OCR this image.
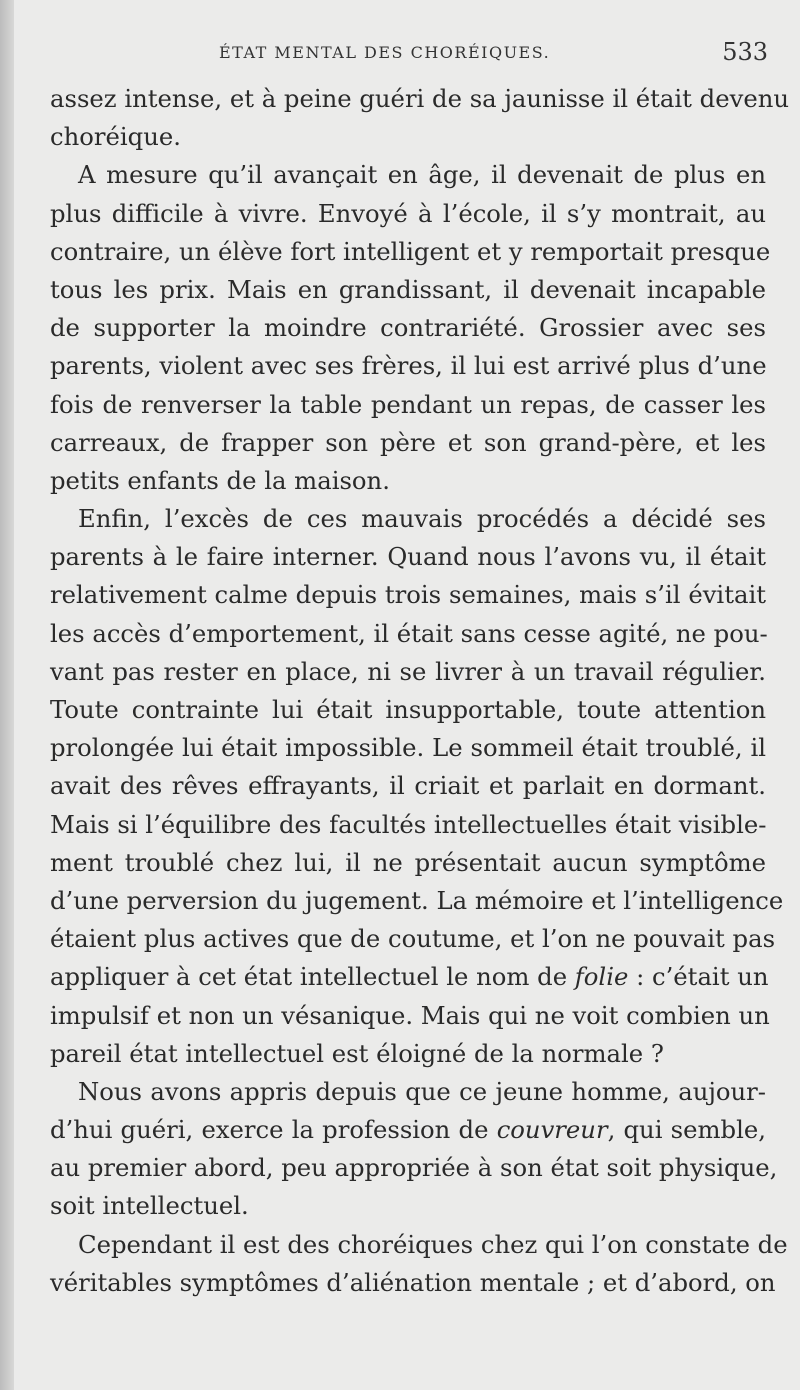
ÉTAT MENTAL DES CHORÉIQUES.	533
assez intense, et à peine guéri de sa jaunisse il était devenu
choréique.
A mesure qu’il avançait en âge, il devenait de plus en
plus difficile à vivre. Envoyé à l’école, il s’y montrait, au
contraire, un élève fort intelligent et y remportait presque
tous les prix. Mais en grandissant, il devenait incapable
de supporter la moindre contrariété. Grossier avec ses
parents, violent avec ses frères, il lui est arrivé plus d’une
fois de renverser la table pendant un repas, de casser les
carreaux, de frapper son père et son grand-père, et les
petits enfants de la maison.
Enfin, l’excès de ces mauvais procédés a décidé ses
parents à le faire interner. Quand nous l’avons vu, il était
relativement calme depuis trois semaines, mais s’il évitait
les accès d’emportement, il était sans cesse agité, ne pou-
vant pas rester en place, ni se livrer à un travail régulier.
Toute contrainte lui était insupportable, toute attention
prolongée lui était impossible. Le sommeil était troublé, il
avait des rêves effrayants, il criait et parlait en dormant.
Mais si l’équilibre des facultés intellectuelles était visible-
ment troublé chez lui, il ne présentait aucun symptôme
d’une perversion du jugement. La mémoire et l’intelligence
étaient plus actives que de coutume, et l’on ne pouvait pas
appliquer à cet état intellectuel le nom de folie : c’était un
impulsif et non un vésanique. Mais qui ne voit combien un
pareil état intellectuel est éloigné de la normale ?
Nous avons appris depuis que ce jeune homme, aujour-
d’hui guéri, exerce la profession de couvreur, qui semble,
au premier abord, peu appropriée à son état soit physique,
soit intellectuel.
Cependant il est des choréiques chez qui l’on constate de
véritables symptômes d’aliénation mentale ; et d’abord, on
